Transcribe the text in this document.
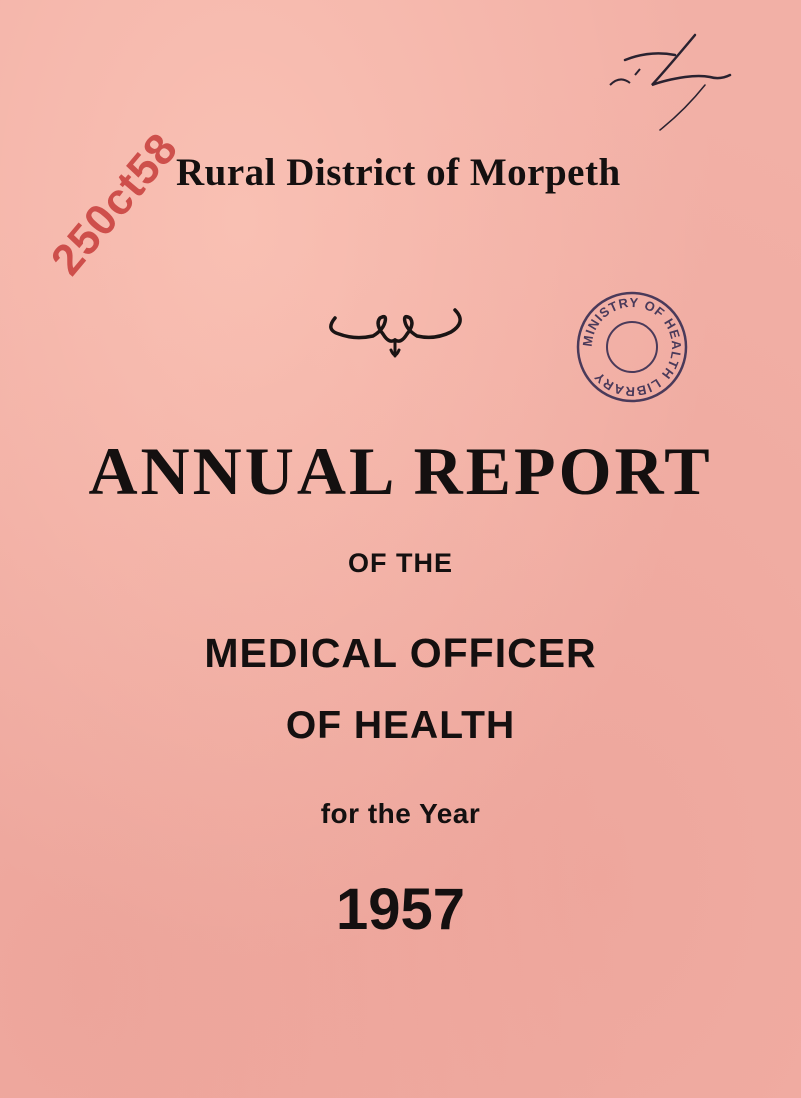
250ct58
Rural District of Morpeth
MINISTRY OF HEALTH LIBRARY
ANNUAL REPORT
OF THE
MEDICAL OFFICER
OF HEALTH
for the Year
1957
